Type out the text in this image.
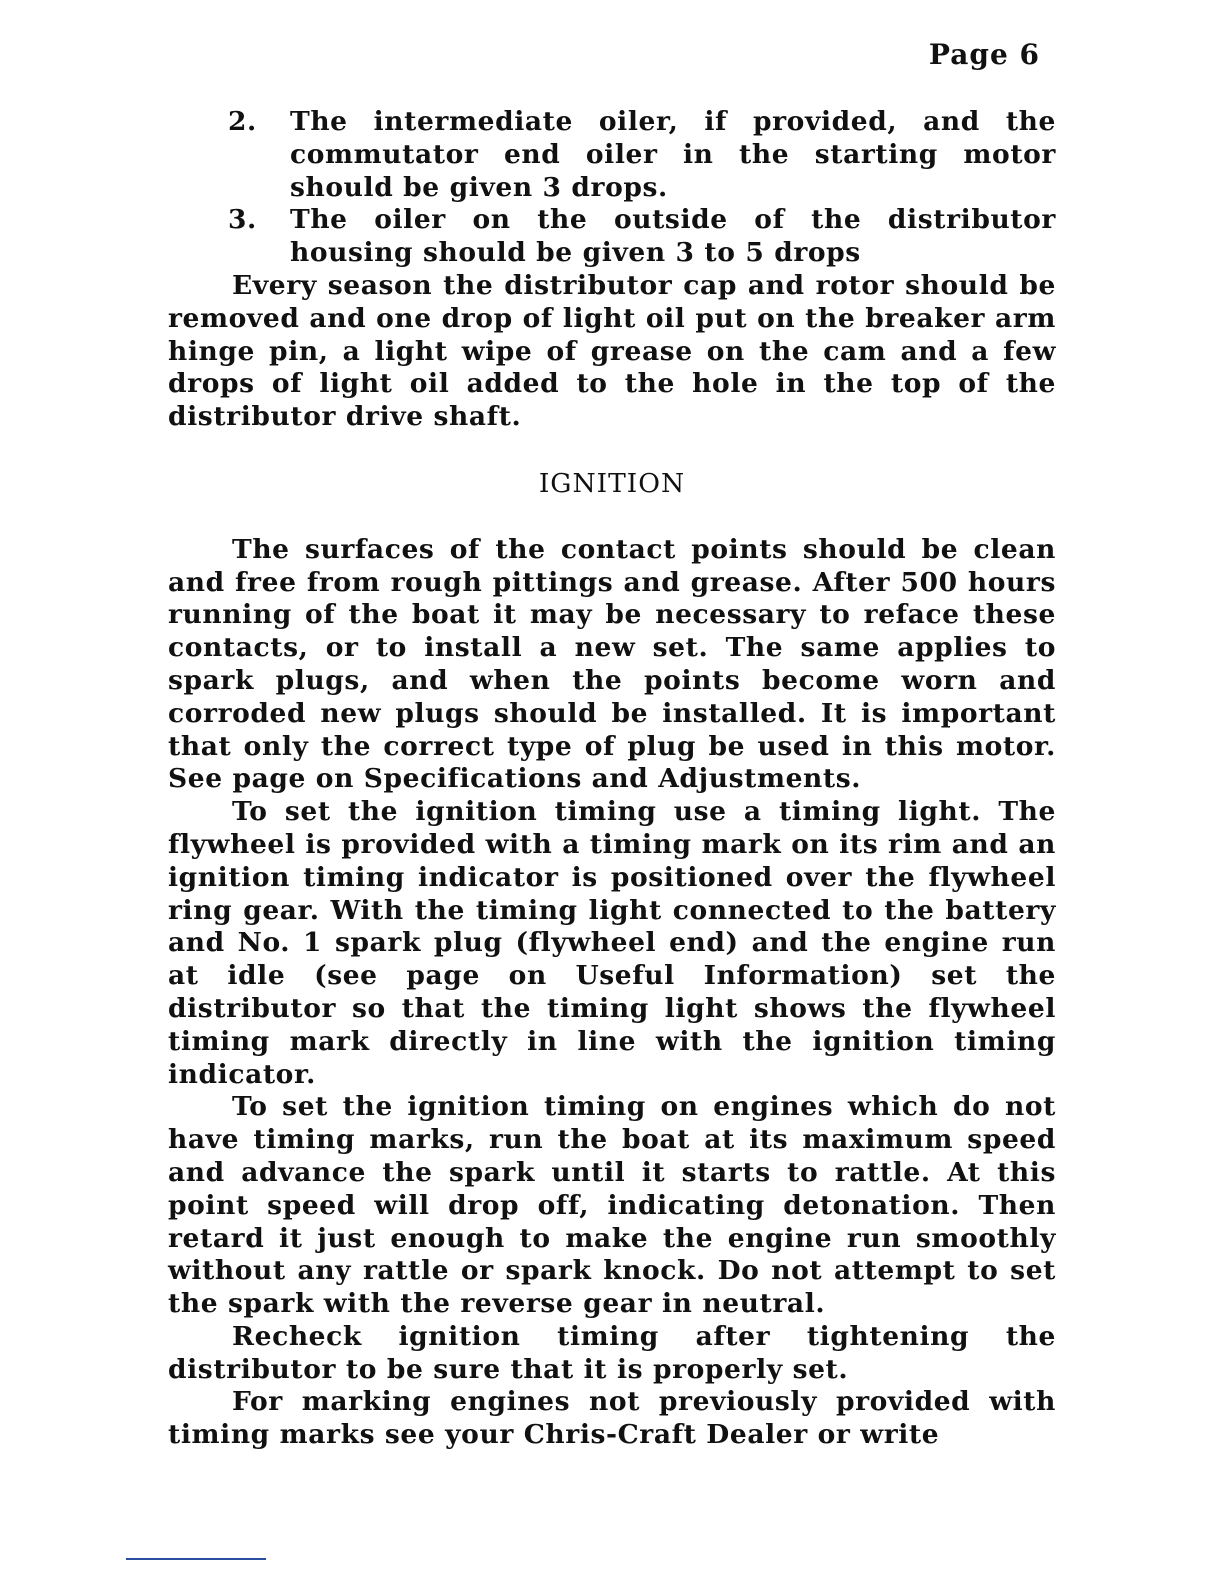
Page 6
2.	The intermediate oiler, if provided, and the commutator end oiler in the starting motor should be given 3 drops.
3.	The oiler on the outside of the distributor housing should be given 3 to 5 drops

Every season the distributor cap and rotor should be removed and one drop of light oil put on the breaker arm hinge pin, a light wipe of grease on the cam and a few drops of light oil added to the hole in the top of the distributor drive shaft.

IGNITION

The surfaces of the contact points should be clean and free from rough pittings and grease. After 500 hours running of the boat it may be necessary to reface these contacts, or to install a new set. The same applies to spark plugs, and when the points become worn and corroded new plugs should be installed. It is important that only the correct type of plug be used in this motor. See page on Specifications and Adjustments.

To set the ignition timing use a timing light. The flywheel is provided with a timing mark on its rim and an ignition timing indicator is positioned over the flywheel ring gear. With the timing light connected to the battery and No. 1 spark plug (flywheel end) and the engine run at idle (see page on Useful Information) set the distributor so that the timing light shows the flywheel timing mark directly in line with the ignition timing indicator.

To set the ignition timing on engines which do not have timing marks, run the boat at its maximum speed and advance the spark until it starts to rattle. At this point speed will drop off, indicating detonation. Then retard it just enough to make the engine run smoothly without any rattle or spark knock. Do not attempt to set the spark with the reverse gear in neutral.

Recheck ignition timing after tightening the distributor to be sure that it is properly set.

For marking engines not previously provided with timing marks see your Chris-Craft Dealer or write
